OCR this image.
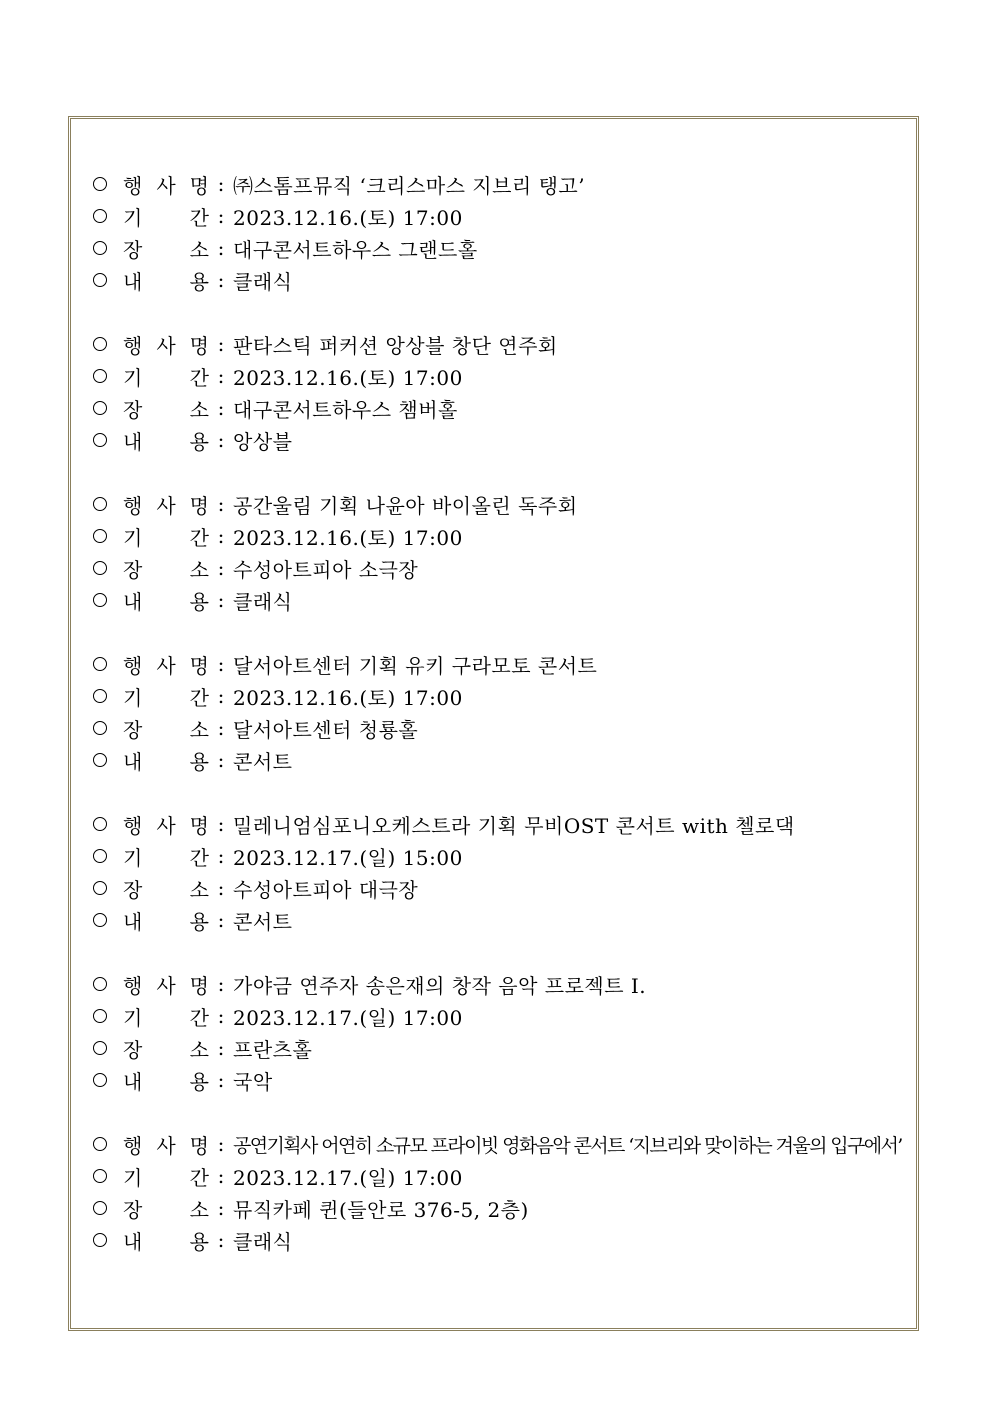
행 사 명 : ㈜스톰프뮤직 ‘크리스마스 지브리 탱고’
기 간 : 2023.12.16.(토) 17:00
장 소 : 대구콘서트하우스 그랜드홀
내 용 : 클래식
행 사 명 : 판타스틱 퍼커션 앙상블 창단 연주회
기 간 : 2023.12.16.(토) 17:00
장 소 : 대구콘서트하우스 챔버홀
내 용 : 앙상블
행 사 명 : 공간울림 기획 나윤아 바이올린 독주회
기 간 : 2023.12.16.(토) 17:00
장 소 : 수성아트피아 소극장
내 용 : 클래식
행 사 명 : 달서아트센터 기획 유키 구라모토 콘서트
기 간 : 2023.12.16.(토) 17:00
장 소 : 달서아트센터 청룡홀
내 용 : 콘서트
행 사 명 : 밀레니엄심포니오케스트라 기획 무비OST 콘서트 with 첼로댁
기 간 : 2023.12.17.(일) 15:00
장 소 : 수성아트피아 대극장
내 용 : 콘서트
행 사 명 : 가야금 연주자 송은재의 창작 음악 프로젝트 Ⅰ.
기 간 : 2023.12.17.(일) 17:00
장 소 : 프란츠홀
내 용 : 국악
행 사 명 : 공연기획사 어연히 소규모 프라이빗 영화음악 콘서트 ‘지브리와 맞이하는 겨울의 입구에서’
기 간 : 2023.12.17.(일) 17:00
장 소 : 뮤직카페 퀸(들안로 376-5, 2층)
내 용 : 클래식
